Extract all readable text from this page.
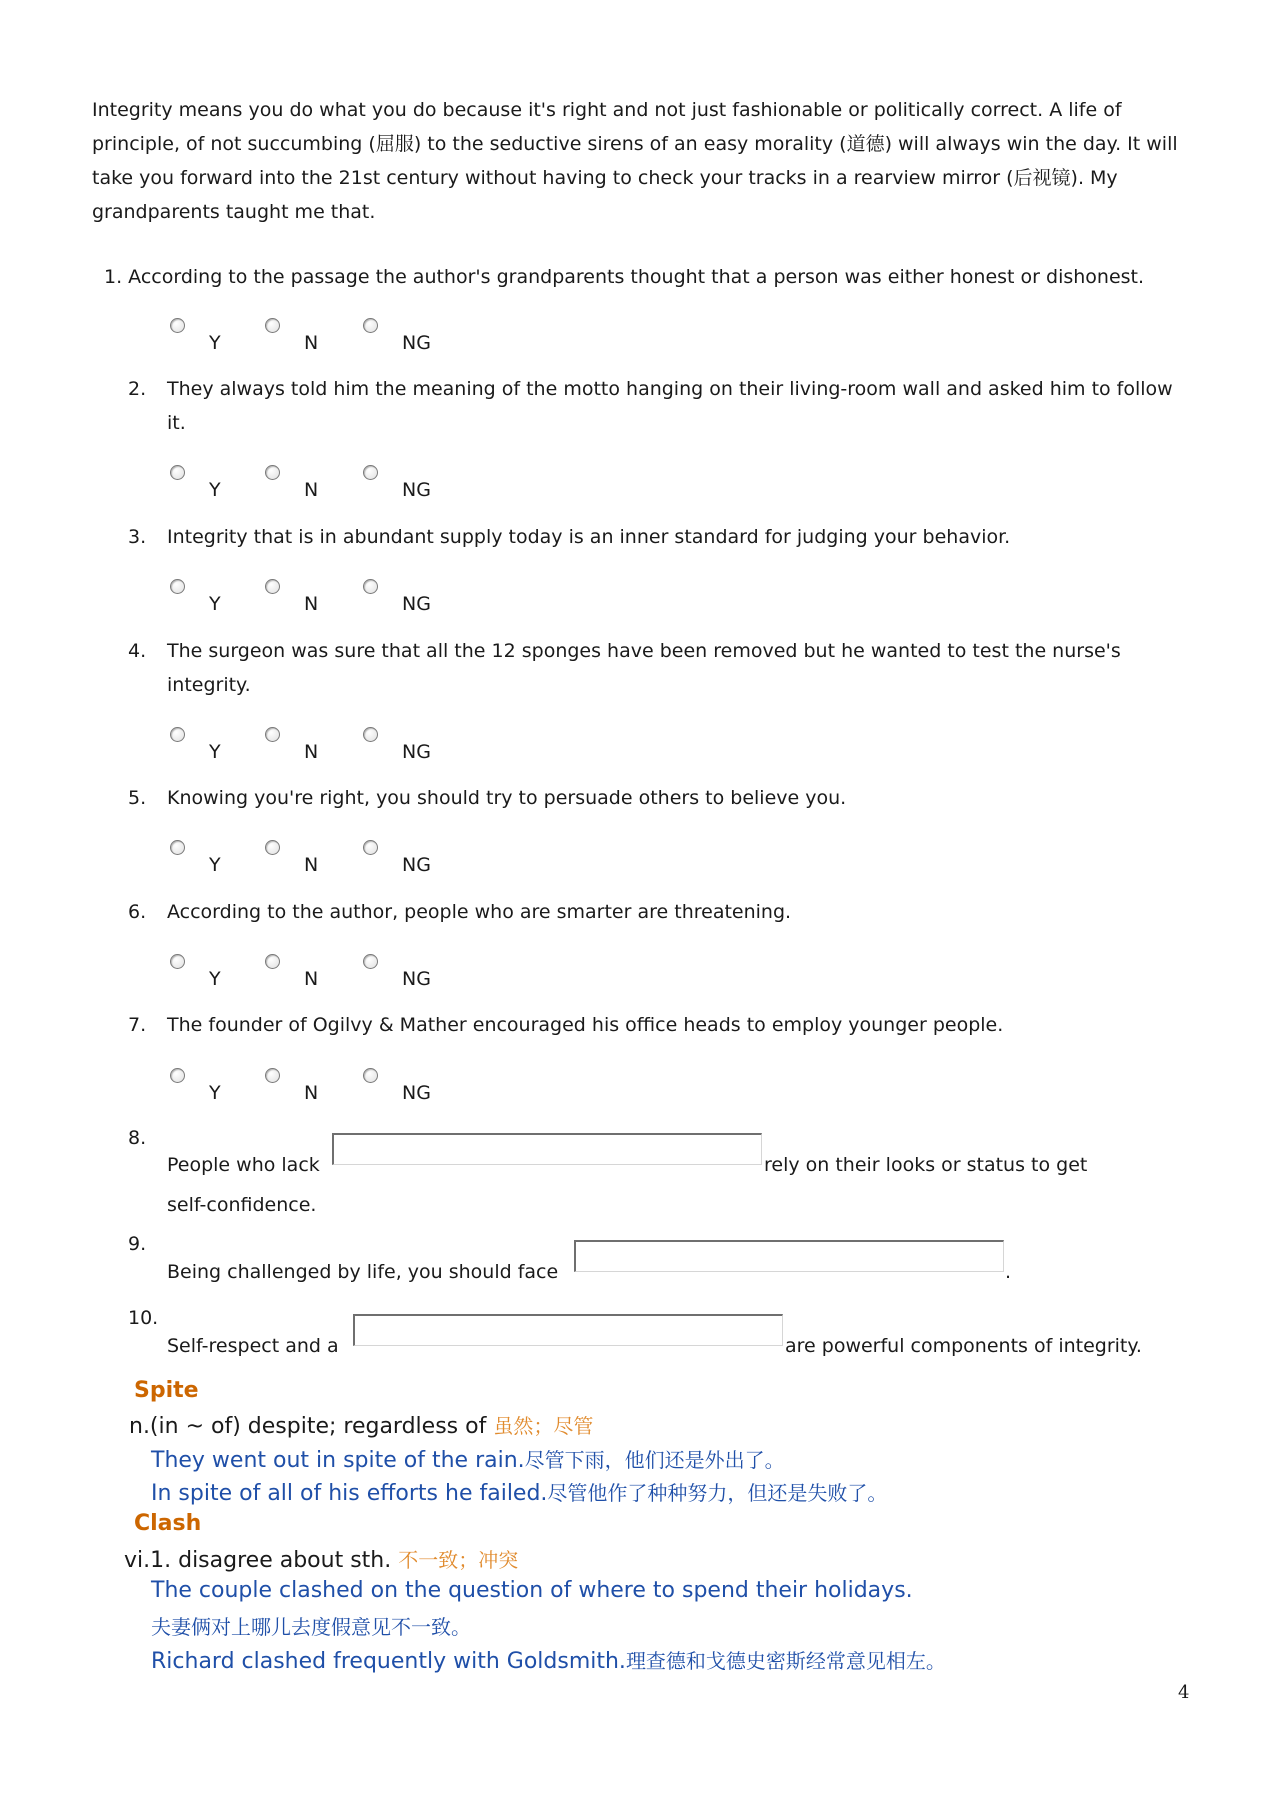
Integrity means you do what you do because it's right and not just fashionable or politically correct. A life of principle, of not succumbing (屈服) to the seductive sirens of an easy morality (道德) will always win the day. It will take you forward into the 21st century without having to check your tracks in a rearview mirror (后视镜). My grandparents taught me that.

1. According to the passage the author's grandparents thought that a person was either honest or dishonest.
Y	N	NG
2. They always told him the meaning of the motto hanging on their living-room wall and asked him to follow it.
Y	N	NG
3. Integrity that is in abundant supply today is an inner standard for judging your behavior.
Y	N	NG
4. The surgeon was sure that all the 12 sponges have been removed but he wanted to test the nurse's integrity.
Y	N	NG
5. Knowing you're right, you should try to persuade others to believe you.
Y	N	NG
6. According to the author, people who are smarter are threatening.
Y	N	NG
7. The founder of Ogilvy & Mather encouraged his office heads to employ younger people.
Y	N	NG
8.
People who lack	rely on their looks or status to get
self-confidence.
9.
Being challenged by life, you should face	.
10.
Self-respect and a	are powerful components of integrity.
Spite
n.(in ~ of) despite; regardless of 虽然；尽管
They went out in spite of the rain.尽管下雨，他们还是外出了。
In spite of all of his efforts he failed.尽管他作了种种努力，但还是失败了。
Clash
vi.1. disagree about sth. 不一致；冲突
The couple clashed on the question of where to spend their holidays.
夫妻俩对上哪儿去度假意见不一致。
Richard clashed frequently with Goldsmith.理查德和戈德史密斯经常意见相左。
4
